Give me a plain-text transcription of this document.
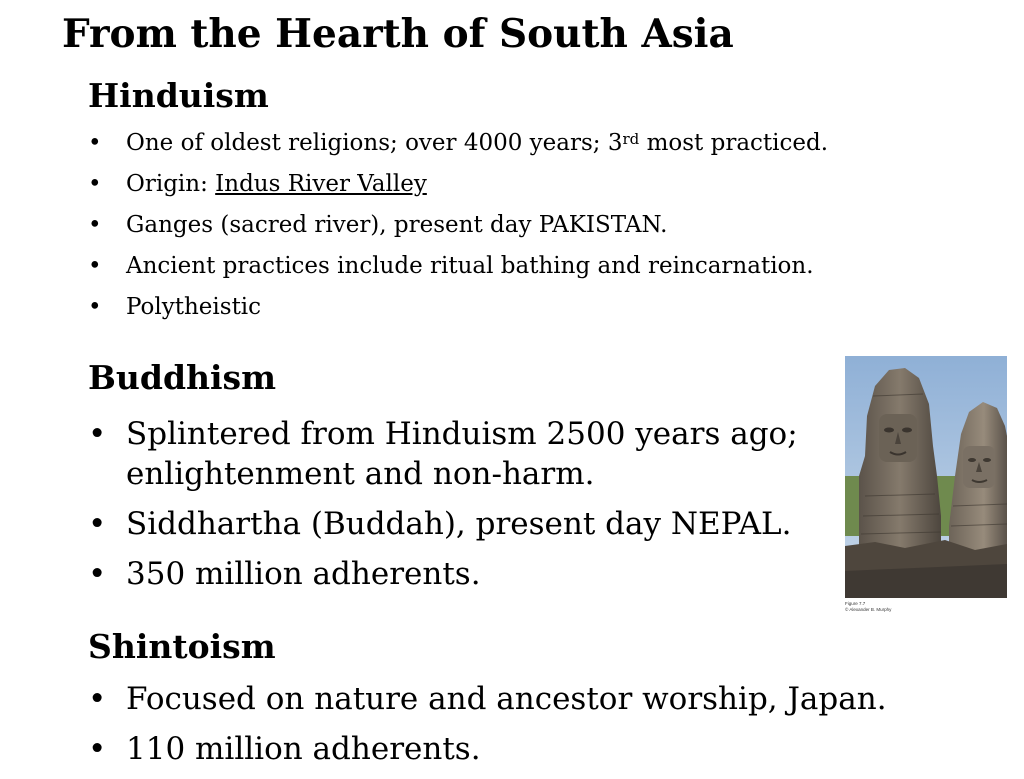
From the Hearth of South Asia
Hinduism
• One of oldest religions; over 4000 years; 3rd most practiced.
• Origin: Indus River Valley
• Ganges (sacred river), present day PAKISTAN.
• Ancient practices include ritual bathing and reincarnation.
• Polytheistic
Buddhism
• Splintered from Hinduism 2500 years ago;
enlightenment and non-harm.
• Siddhartha (Buddah), present day NEPAL.
• 350 million adherents.
Shintoism
• Focused on nature and ancestor worship, Japan.
• 110 million adherents.
Figure 7.7
© Alexander B. Murphy
